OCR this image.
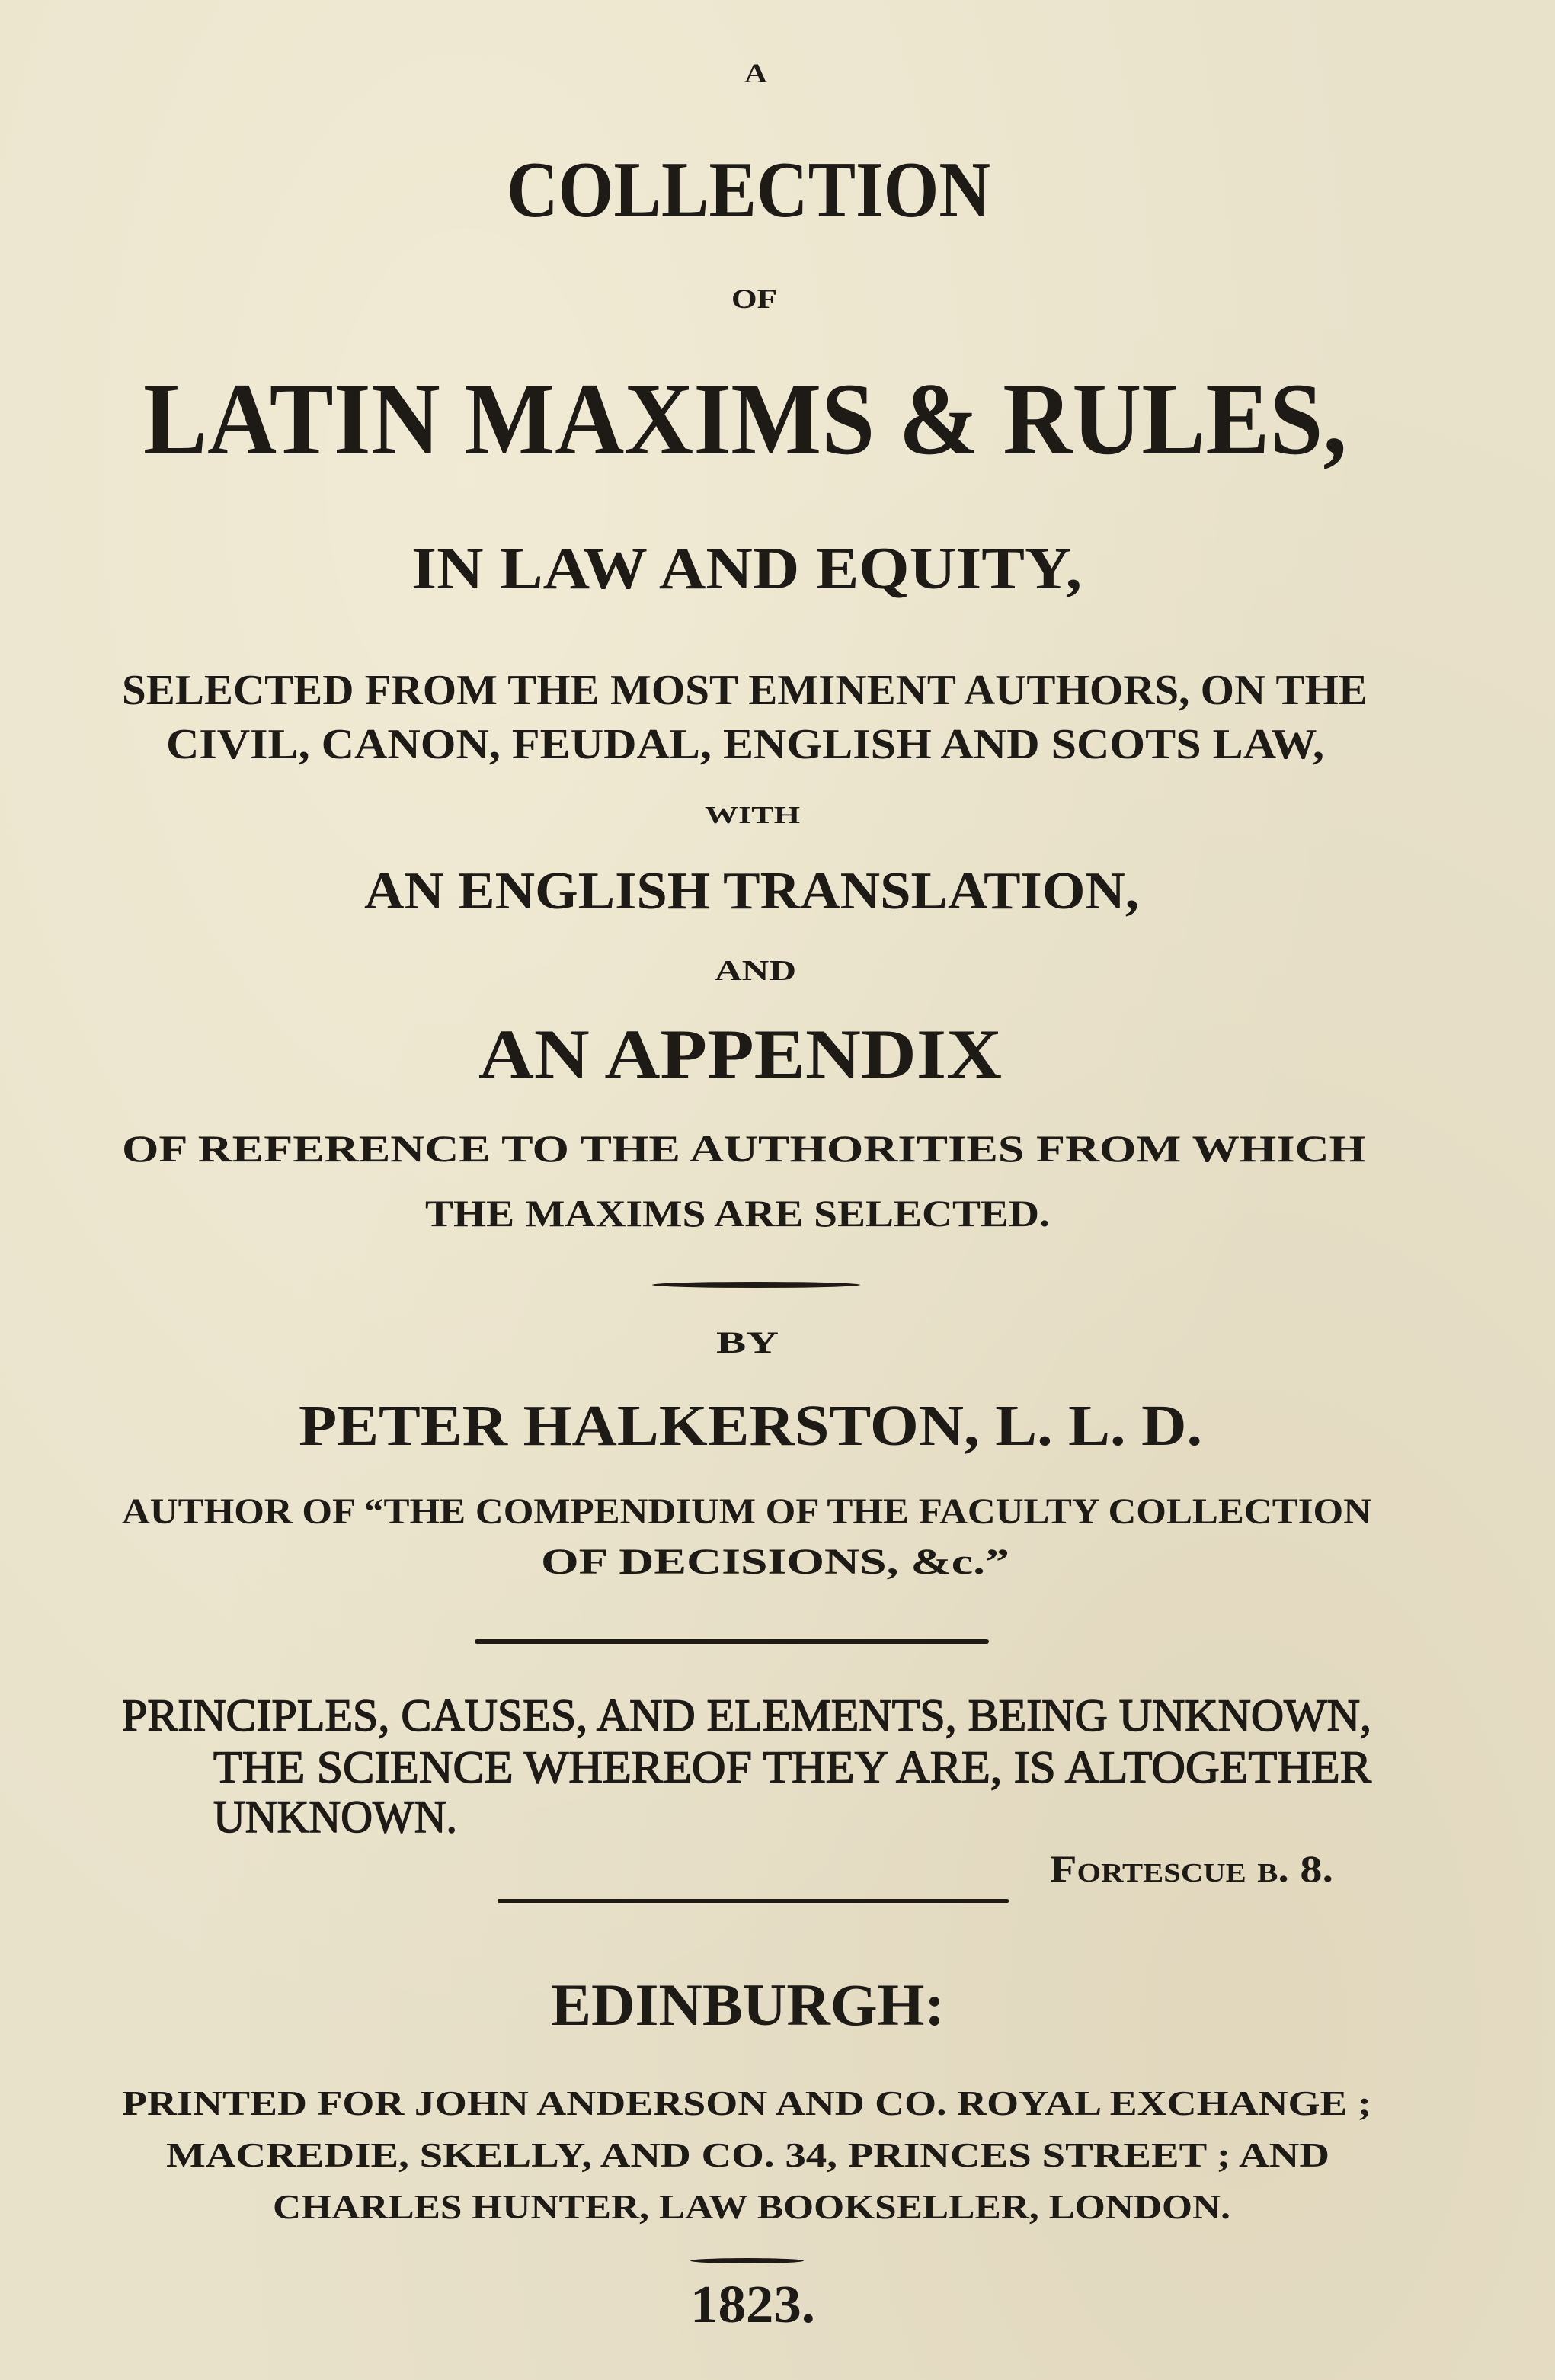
A
COLLECTION
OF
LATIN MAXIMS & RULES,
IN LAW AND EQUITY,
SELECTED FROM THE MOST EMINENT AUTHORS, ON THE
CIVIL, CANON, FEUDAL, ENGLISH AND SCOTS LAW,
WITH
AN ENGLISH TRANSLATION,
AND
AN APPENDIX
OF REFERENCE TO THE AUTHORITIES FROM WHICH
THE MAXIMS ARE SELECTED.
BY
PETER HALKERSTON, L. L. D.
AUTHOR OF “THE COMPENDIUM OF THE FACULTY COLLECTION
OF DECISIONS, &c.”
PRINCIPLES, CAUSES, AND ELEMENTS, BEING UNKNOWN,
THE SCIENCE WHEREOF THEY ARE, IS ALTOGETHER
UNKNOWN.
Fortescue b. 8.
EDINBURGH:
PRINTED FOR JOHN ANDERSON AND CO. ROYAL EXCHANGE ;
MACREDIE, SKELLY, AND CO. 34, PRINCES STREET ; AND
CHARLES HUNTER, LAW BOOKSELLER, LONDON.
1823.
